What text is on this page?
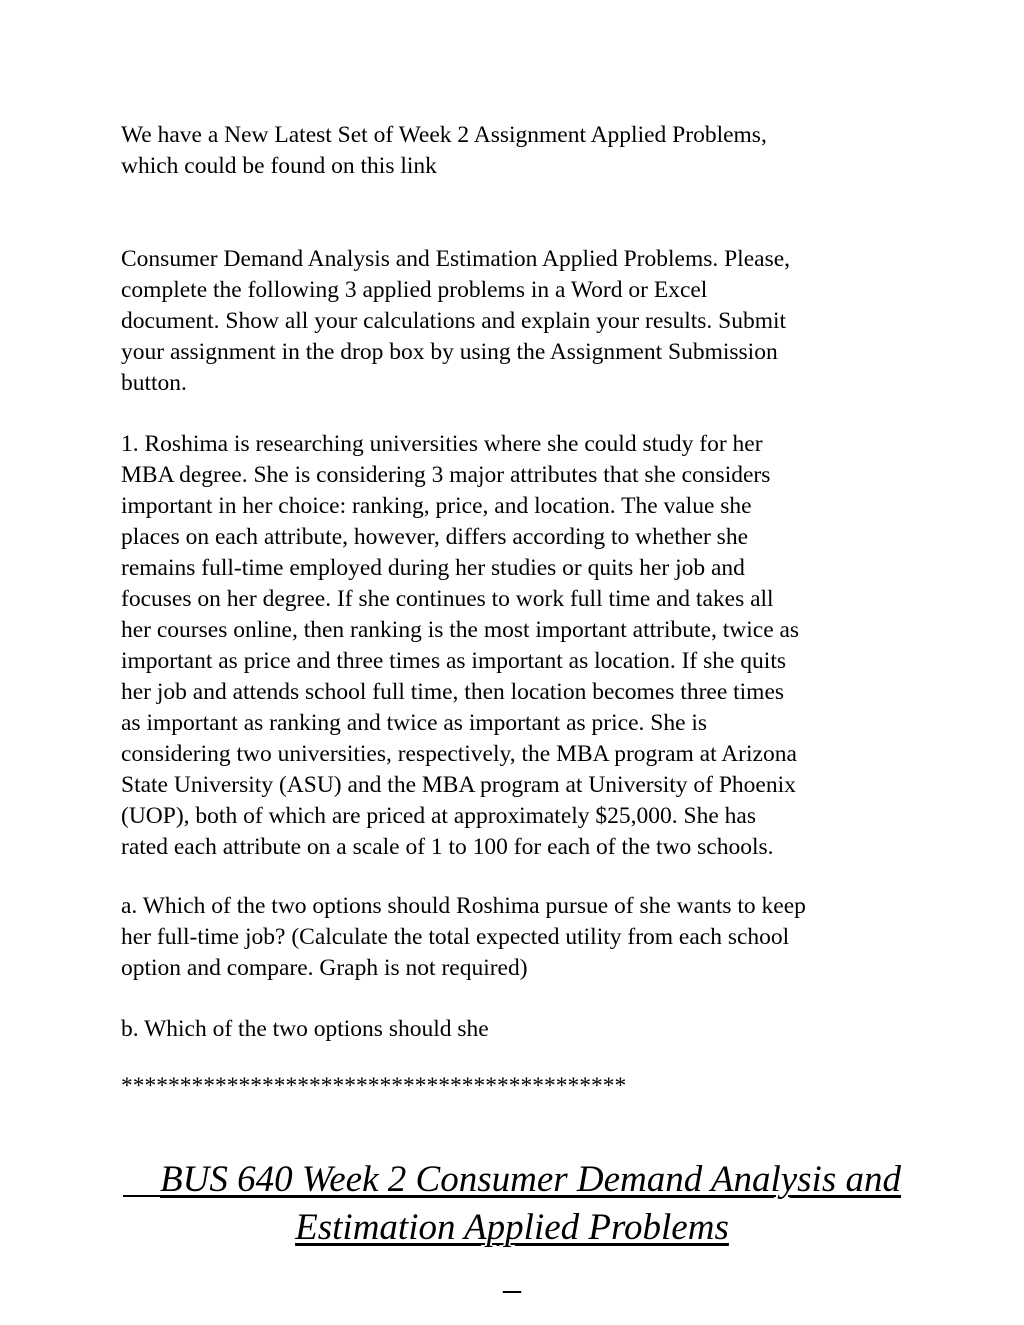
We have a New Latest Set of Week 2 Assignment Applied Problems,
which could be found on this link
Consumer Demand Analysis and Estimation Applied Problems. Please,
complete the following 3 applied problems in a Word or Excel
document. Show all your calculations and explain your results. Submit
your assignment in the drop box by using the Assignment Submission
button.
1. Roshima is researching universities where she could study for her
MBA degree. She is considering 3 major attributes that she considers
important in her choice: ranking, price, and location. The value she
places on each attribute, however, differs according to whether she
remains full-time employed during her studies or quits her job and
focuses on her degree. If she continues to work full time and takes all
her courses online, then ranking is the most important attribute, twice as
important as price and three times as important as location. If she quits
her job and attends school full time, then location becomes three times
as important as ranking and twice as important as price. She is
considering two universities, respectively, the MBA program at Arizona
State University (ASU) and the MBA program at University of Phoenix
(UOP), both of which are priced at approximately $25,000. She has
rated each attribute on a scale of 1 to 100 for each of the two schools.
a. Which of the two options should Roshima pursue of she wants to keep
her full-time job? (Calculate the total expected utility from each school
option and compare. Graph is not required)
b. Which of the two options should she
*******************************************

BUS 640 Week 2 Consumer Demand Analysis and
Estimation Applied Problems
